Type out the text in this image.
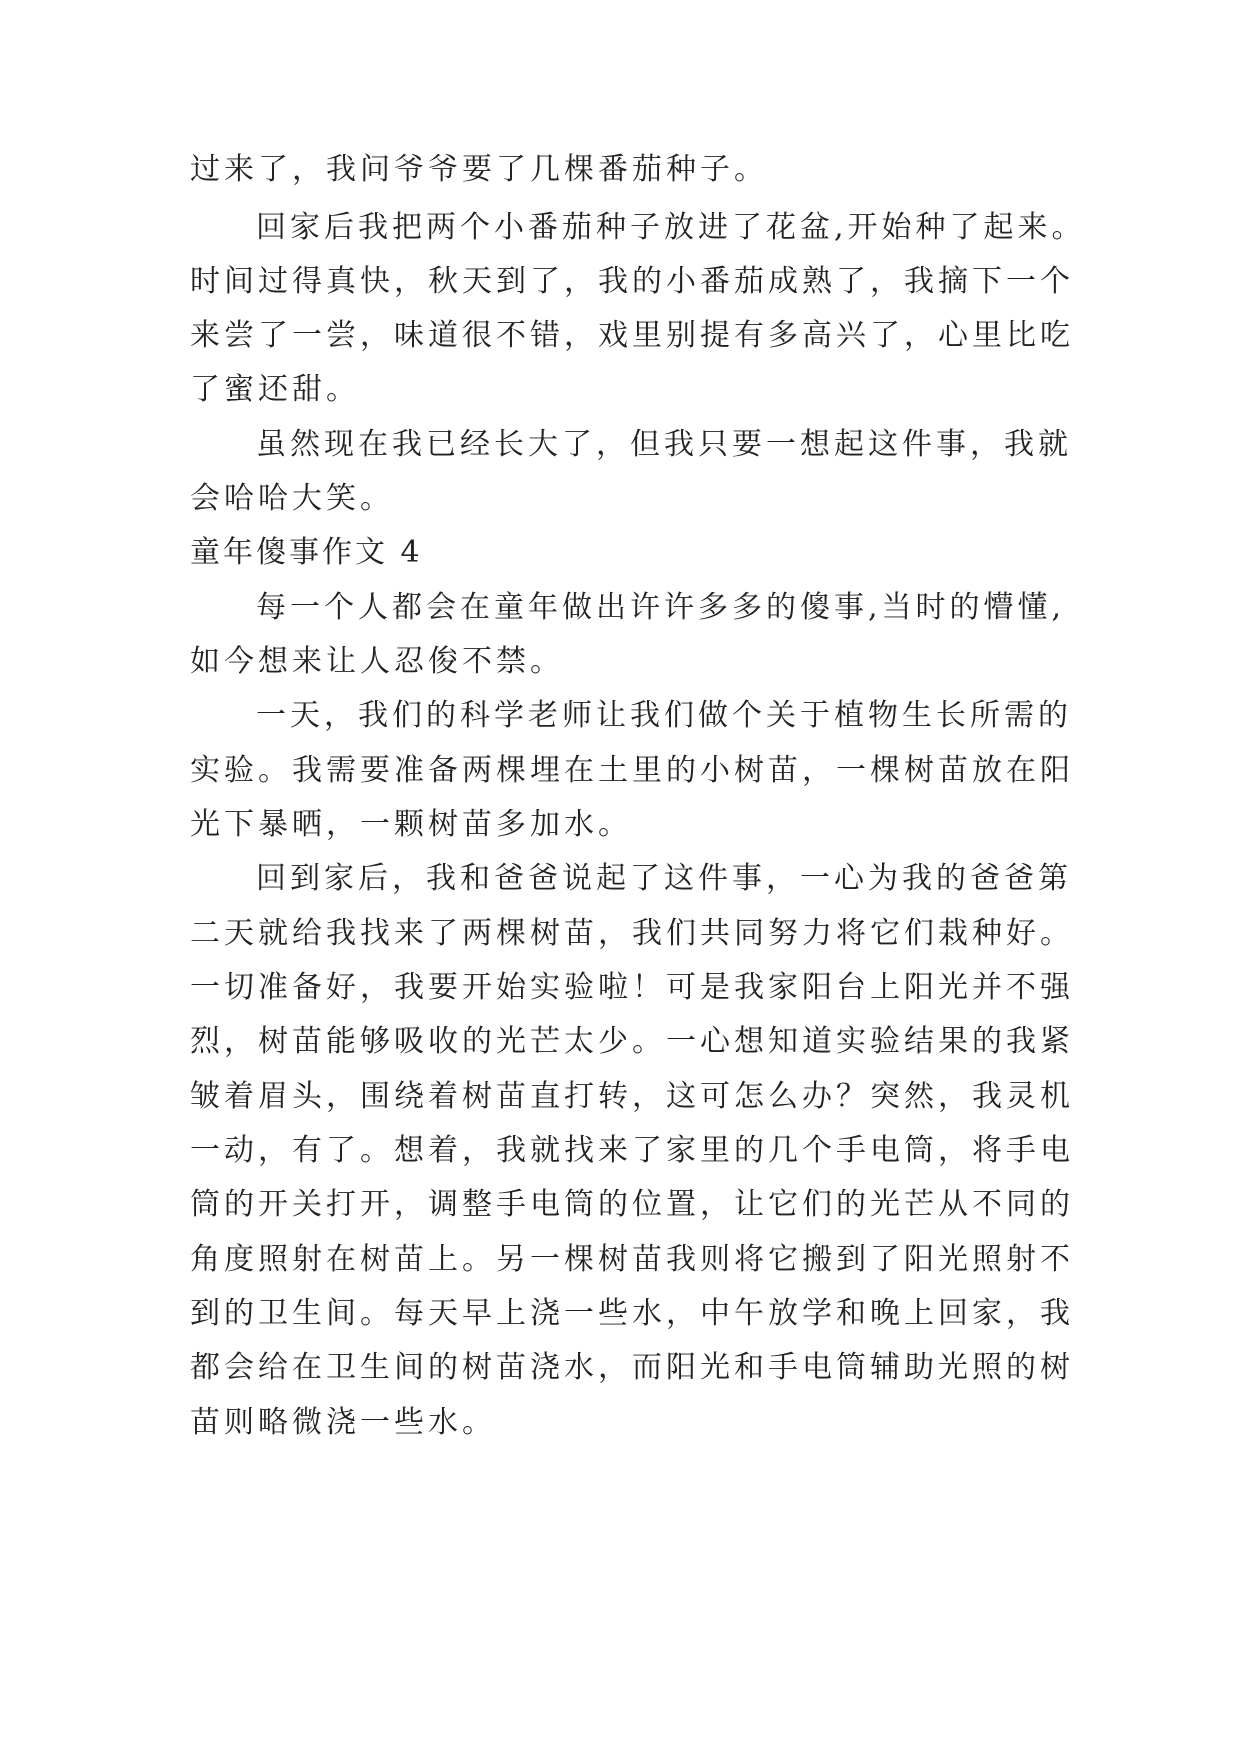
过来了，我问爷爷要了几棵番茄种子。
回家后我把两个小番茄种子放进了花盆,开始种了起来。
时间过得真快，秋天到了，我的小番茄成熟了，我摘下一个
来尝了一尝，味道很不错，戏里别提有多高兴了，心里比吃
了蜜还甜。
虽然现在我已经长大了，但我只要一想起这件事，我就
会哈哈大笑。
童年傻事作文 4
每一个人都会在童年做出许许多多的傻事,当时的懵懂,
如今想来让人忍俊不禁。
一天，我们的科学老师让我们做个关于植物生长所需的
实验。我需要准备两棵埋在土里的小树苗，一棵树苗放在阳
光下暴晒，一颗树苗多加水。
回到家后，我和爸爸说起了这件事，一心为我的爸爸第
二天就给我找来了两棵树苗，我们共同努力将它们栽种好。
一切准备好，我要开始实验啦！可是我家阳台上阳光并不强
烈，树苗能够吸收的光芒太少。一心想知道实验结果的我紧
皱着眉头，围绕着树苗直打转，这可怎么办？突然，我灵机
一动，有了。想着，我就找来了家里的几个手电筒，将手电
筒的开关打开，调整手电筒的位置，让它们的光芒从不同的
角度照射在树苗上。另一棵树苗我则将它搬到了阳光照射不
到的卫生间。每天早上浇一些水，中午放学和晚上回家，我
都会给在卫生间的树苗浇水，而阳光和手电筒辅助光照的树
苗则略微浇一些水。
